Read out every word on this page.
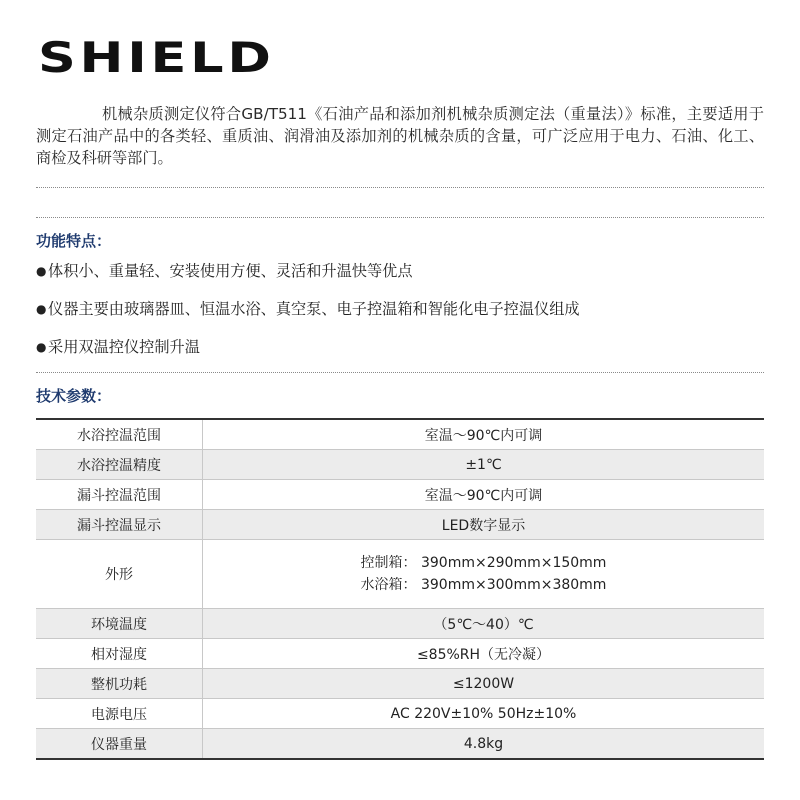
SHIELD

机械杂质测定仪符合GB/T511《石油产品和添加剂机械杂质测定法（重量法）》标准，主要适用于测定石油产品中的各类轻、重质油、润滑油及添加剂的机械杂质的含量，可广泛应用于电力、石油、化工、商检及科研等部门。

功能特点：
●体积小、重量轻、安装使用方便、灵活和升温快等优点
●仪器主要由玻璃器皿、恒温水浴、真空泵、电子控温箱和智能化电子控温仪组成
●采用双温控仪控制升温
技术参数：
水浴控温范围	室温～90℃内可调
水浴控温精度	±1℃
漏斗控温范围	室温～90℃内可调
漏斗控温显示	LED数字显示
外形	控制箱： 390mm×290mm×150mm
水浴箱： 390mm×300mm×380mm

环境温度	（5℃～40）℃
相对湿度	≤85%RH（无冷凝）
整机功耗	≤1200W
电源电压	AC 220V±10% 50Hz±10%
仪器重量	4.8kg
